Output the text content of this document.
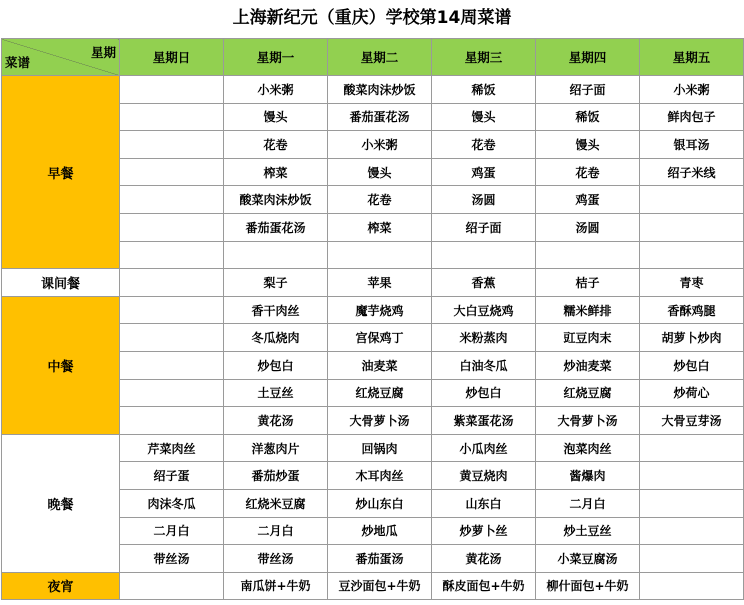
上海新纪元（重庆）学校第14周菜谱
菜谱
星期	星期日	星期一	星期二	星期三	星期四	星期五
早餐		小米粥	酸菜肉沫炒饭	稀饭	绍子面	小米粥
		馒头	番茄蛋花汤	馒头	稀饭	鲜肉包子
		花卷	小米粥	花卷	馒头	银耳汤
		榨菜	馒头	鸡蛋	花卷	绍子米线
		酸菜肉沫炒饭	花卷	汤圆	鸡蛋	
		番茄蛋花汤	榨菜	绍子面	汤圆	

课间餐		梨子	苹果	香蕉	桔子	青枣
中餐		香干肉丝	魔芋烧鸡	大白豆烧鸡	糯米鲜排	香酥鸡腿
		冬瓜烧肉	宫保鸡丁	米粉蒸肉	豇豆肉末	胡萝卜炒肉
		炒包白	油麦菜	白油冬瓜	炒油麦菜	炒包白
		土豆丝	红烧豆腐	炒包白	红烧豆腐	炒荷心
		黄花汤	大骨萝卜汤	紫菜蛋花汤	大骨萝卜汤	大骨豆芽汤
晚餐	芹菜肉丝	洋葱肉片	回锅肉	小瓜肉丝	泡菜肉丝	
	绍子蛋	番茄炒蛋	木耳肉丝	黄豆烧肉	酱爆肉	
	肉沫冬瓜	红烧米豆腐	炒山东白	山东白	二月白	
	二月白	二月白	炒地瓜	炒萝卜丝	炒土豆丝	
	带丝汤	带丝汤	番茄蛋汤	黄花汤	小菜豆腐汤	
夜宵		南瓜饼+牛奶	豆沙面包+牛奶	酥皮面包+牛奶	柳什面包+牛奶	
